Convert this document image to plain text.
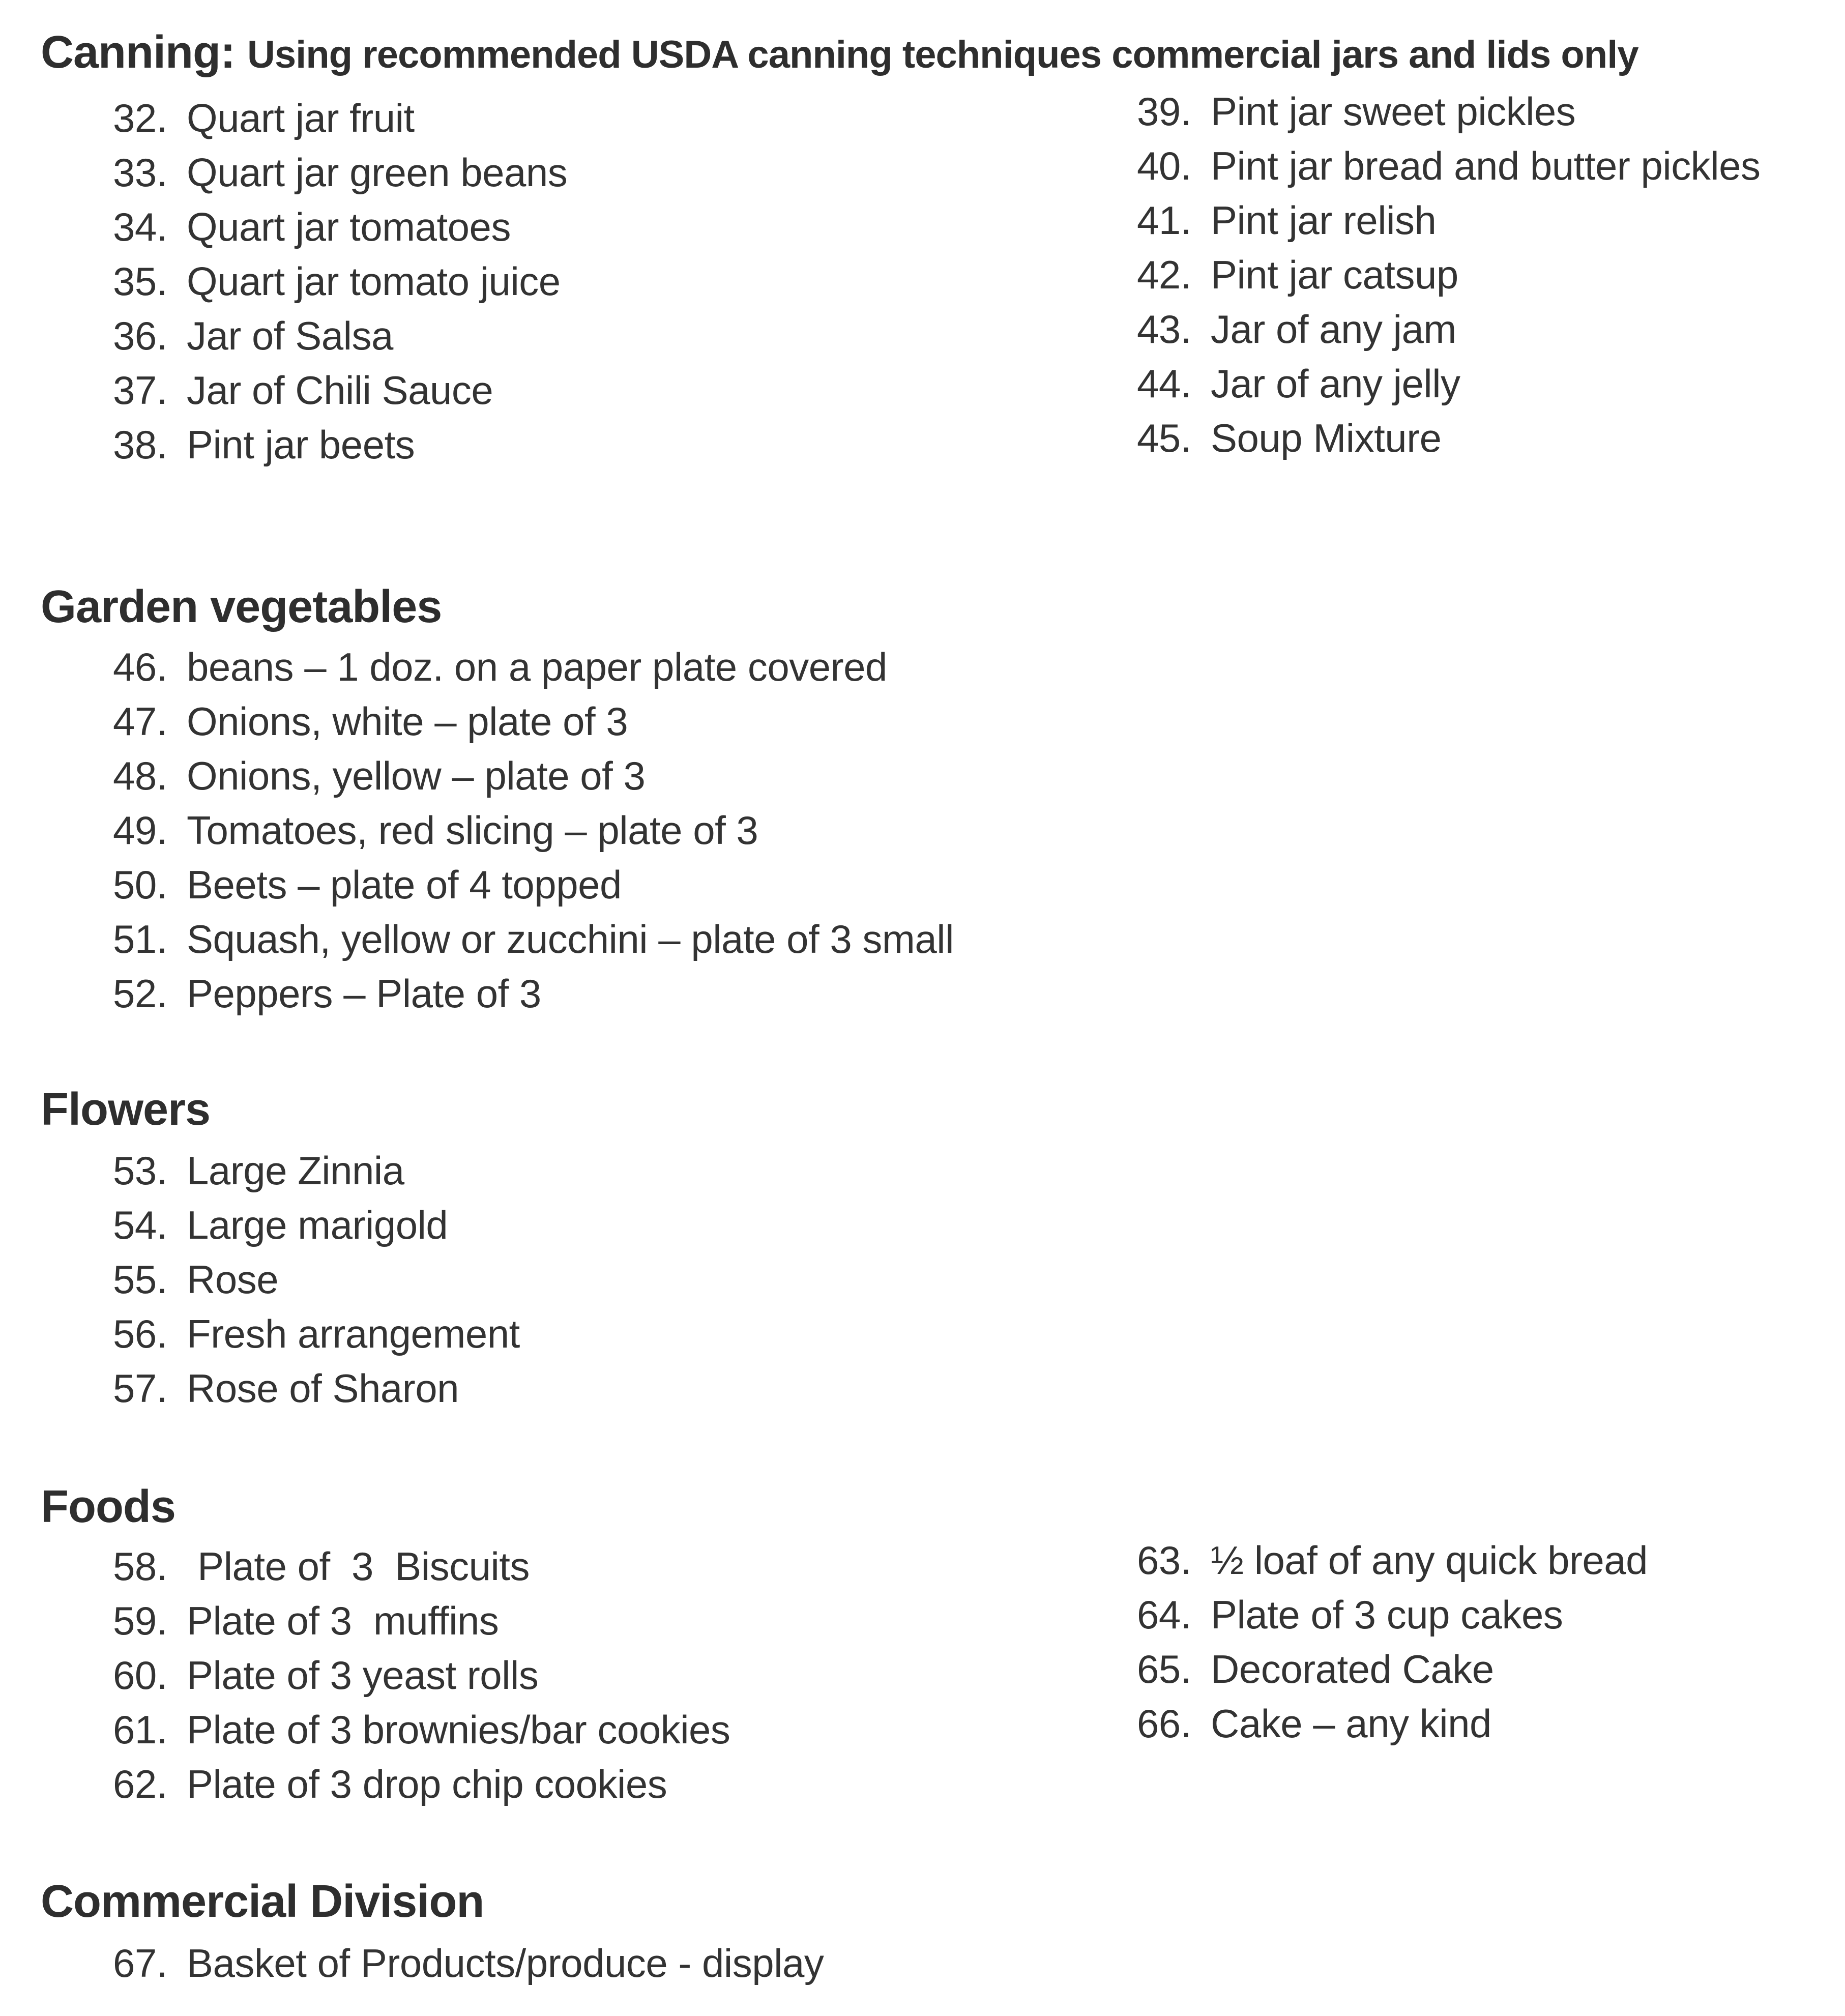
Canning: Using recommended USDA canning techniques commercial jars and lids only
32. Quart jar fruit
33. Quart jar green beans
34. Quart jar tomatoes
35. Quart jar tomato juice
36. Jar of Salsa
37. Jar of Chili Sauce
38. Pint jar beets
39. Pint jar sweet pickles
40. Pint jar bread and butter pickles
41. Pint jar relish
42. Pint jar catsup
43. Jar of any jam
44. Jar of any jelly
45. Soup Mixture
Garden vegetables
46. beans – 1 doz. on a paper plate covered
47. Onions, white – plate of 3
48. Onions, yellow – plate of 3
49. Tomatoes, red slicing – plate of 3
50. Beets – plate of 4 topped
51. Squash, yellow or zucchini – plate of 3 small
52. Peppers – Plate of 3
Flowers
53. Large Zinnia
54. Large marigold
55. Rose
56. Fresh arrangement
57. Rose of Sharon
Foods
58. Plate of  3  Biscuits
59. Plate of 3  muffins
60. Plate of 3 yeast rolls
61. Plate of 3 brownies/bar cookies
62. Plate of 3 drop chip cookies
63. ½ loaf of any quick bread
64. Plate of 3 cup cakes
65. Decorated Cake
66. Cake – any kind
Commercial Division
67. Basket of Products/produce - display
